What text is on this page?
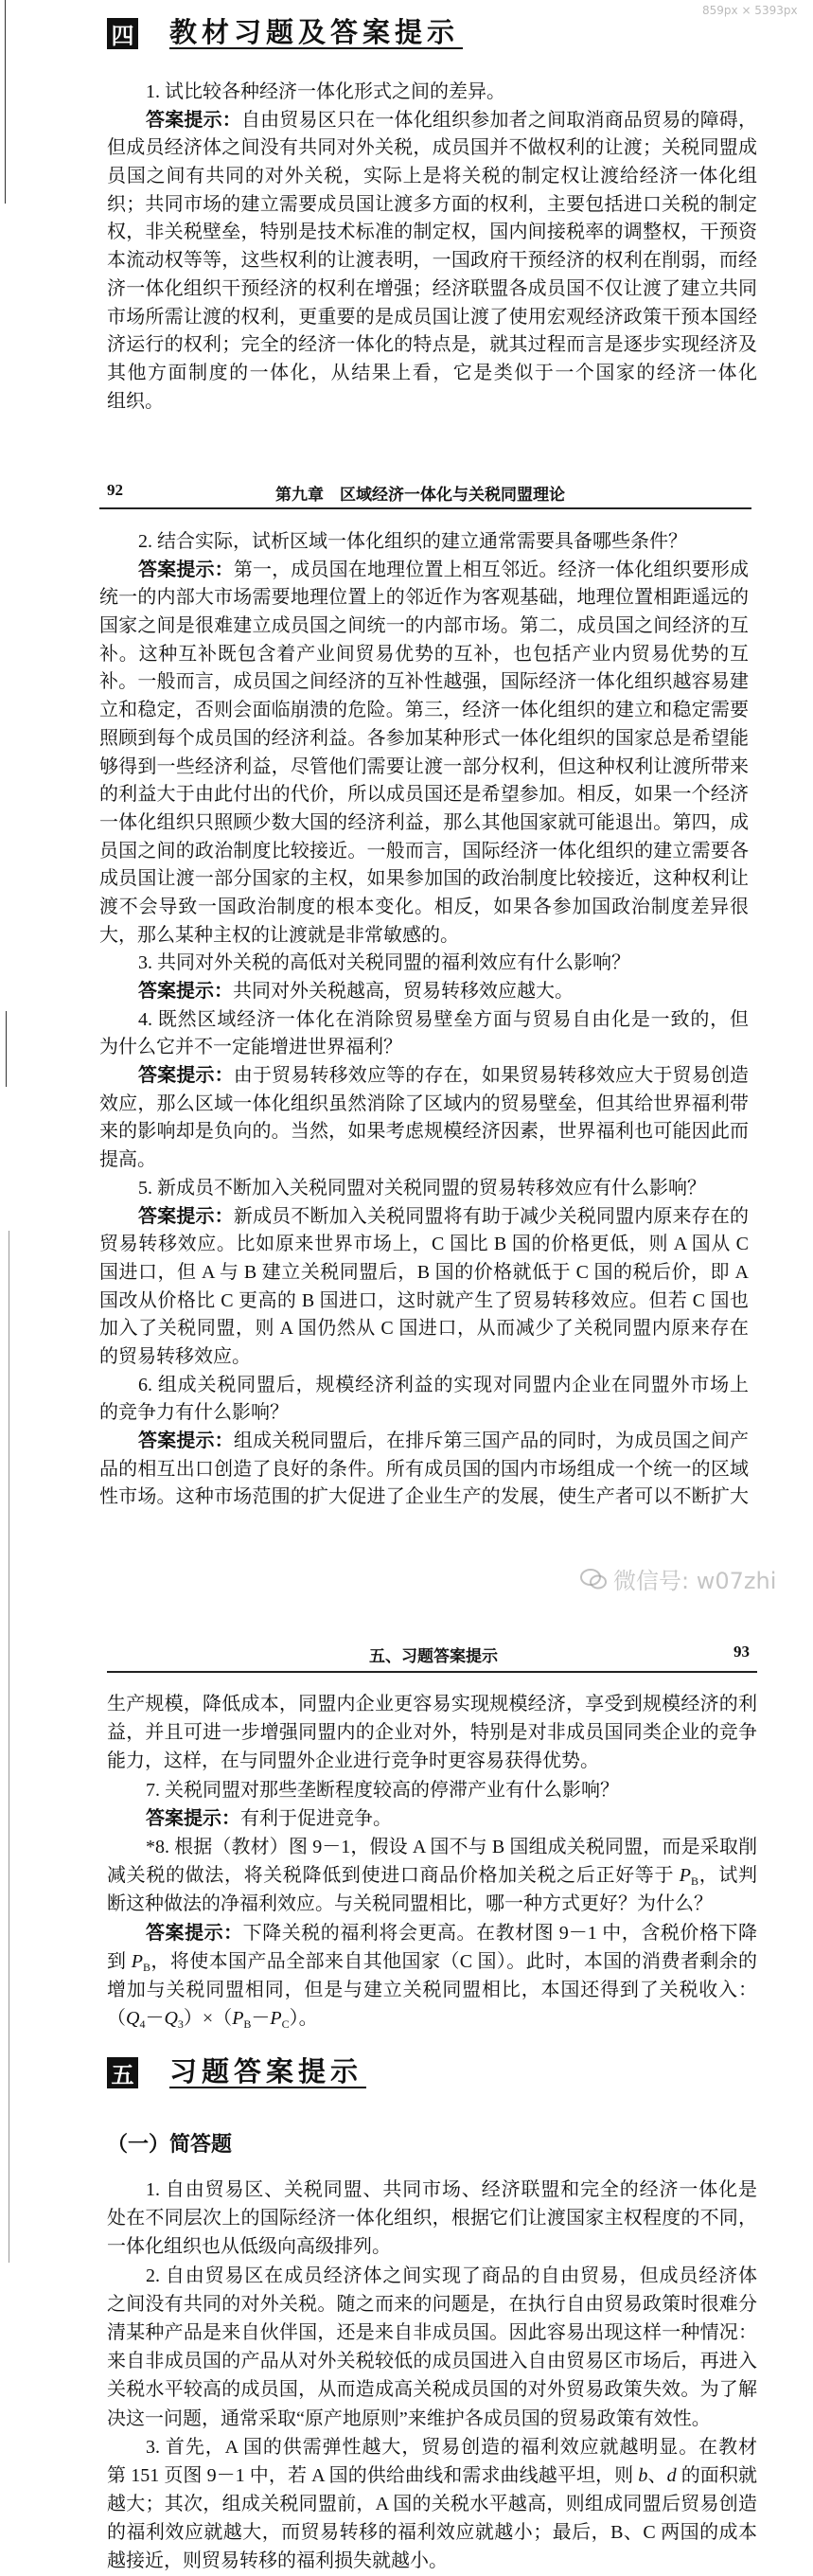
859px × 5393px
四 教材习题及答案提示
1. 试比较各种经济一体化形式之间的差异。
答案提示：自由贸易区只在一体化组织参加者之间取消商品贸易的障碍，
但成员经济体之间没有共同对外关税，成员国并不做权利的让渡；关税同盟成
员国之间有共同的对外关税，实际上是将关税的制定权让渡给经济一体化组
织；共同市场的建立需要成员国让渡多方面的权利，主要包括进口关税的制定
权，非关税壁垒，特别是技术标准的制定权，国内间接税率的调整权，干预资
本流动权等等，这些权利的让渡表明，一国政府干预经济的权利在削弱，而经
济一体化组织干预经济的权利在增强；经济联盟各成员国不仅让渡了建立共同
市场所需让渡的权利，更重要的是成员国让渡了使用宏观经济政策干预本国经
济运行的权利；完全的经济一体化的特点是，就其过程而言是逐步实现经济及
其他方面制度的一体化，从结果上看，它是类似于一个国家的经济一体化
组织。
92	第九章　区域经济一体化与关税同盟理论
2. 结合实际，试析区域一体化组织的建立通常需要具备哪些条件？
答案提示：第一，成员国在地理位置上相互邻近。经济一体化组织要形成
统一的内部大市场需要地理位置上的邻近作为客观基础，地理位置相距遥远的
国家之间是很难建立成员国之间统一的内部市场。第二，成员国之间经济的互
补。这种互补既包含着产业间贸易优势的互补，也包括产业内贸易优势的互
补。一般而言，成员国之间经济的互补性越强，国际经济一体化组织越容易建
立和稳定，否则会面临崩溃的危险。第三，经济一体化组织的建立和稳定需要
照顾到每个成员国的经济利益。各参加某种形式一体化组织的国家总是希望能
够得到一些经济利益，尽管他们需要让渡一部分权利，但这种权利让渡所带来
的利益大于由此付出的代价，所以成员国还是希望参加。相反，如果一个经济
一体化组织只照顾少数大国的经济利益，那么其他国家就可能退出。第四，成
员国之间的政治制度比较接近。一般而言，国际经济一体化组织的建立需要各
成员国让渡一部分国家的主权，如果参加国的政治制度比较接近，这种权利让
渡不会导致一国政治制度的根本变化。相反，如果各参加国政治制度差异很
大，那么某种主权的让渡就是非常敏感的。
3. 共同对外关税的高低对关税同盟的福利效应有什么影响？
答案提示：共同对外关税越高，贸易转移效应越大。
4. 既然区域经济一体化在消除贸易壁垒方面与贸易自由化是一致的，但
为什么它并不一定能增进世界福利？
答案提示：由于贸易转移效应等的存在，如果贸易转移效应大于贸易创造
效应，那么区域一体化组织虽然消除了区域内的贸易壁垒，但其给世界福利带
来的影响却是负向的。当然，如果考虑规模经济因素，世界福利也可能因此而
提高。
5. 新成员不断加入关税同盟对关税同盟的贸易转移效应有什么影响？
答案提示：新成员不断加入关税同盟将有助于减少关税同盟内原来存在的
贸易转移效应。比如原来世界市场上，C 国比 B 国的价格更低，则 A 国从 C
国进口，但 A 与 B 建立关税同盟后，B 国的价格就低于 C 国的税后价，即 A
国改从价格比 C 更高的 B 国进口，这时就产生了贸易转移效应。但若 C 国也
加入了关税同盟，则 A 国仍然从 C 国进口，从而减少了关税同盟内原来存在
的贸易转移效应。
6. 组成关税同盟后，规模经济利益的实现对同盟内企业在同盟外市场上
的竞争力有什么影响？
答案提示：组成关税同盟后，在排斥第三国产品的同时，为成员国之间产
品的相互出口创造了良好的条件。所有成员国的国内市场组成一个统一的区域
性市场。这种市场范围的扩大促进了企业生产的发展，使生产者可以不断扩大
微信号: w07zhi
五、习题答案提示	93
生产规模，降低成本，同盟内企业更容易实现规模经济，享受到规模经济的利
益，并且可进一步增强同盟内的企业对外，特别是对非成员国同类企业的竞争
能力，这样，在与同盟外企业进行竞争时更容易获得优势。
7. 关税同盟对那些垄断程度较高的停滞产业有什么影响？
答案提示：有利于促进竞争。
*8. 根据（教材）图 9－1，假设 A 国不与 B 国组成关税同盟，而是采取削
减关税的做法，将关税降低到使进口商品价格加关税之后正好等于 $P_B$，试判
断这种做法的净福利效应。与关税同盟相比，哪一种方式更好？为什么？
答案提示：下降关税的福利将会更高。在教材图 9－1 中，含税价格下降
到 $P_B$，将使本国产品全部来自其他国家（C 国）。此时，本国的消费者剩余的
增加与关税同盟相同，但是与建立关税同盟相比，本国还得到了关税收入：
$(Q_4-Q_3)\times(P_B-P_C)$。
五 习题答案提示
（一）简答题
1. 自由贸易区、关税同盟、共同市场、经济联盟和完全的经济一体化是
处在不同层次上的国际经济一体化组织，根据它们让渡国家主权程度的不同，
一体化组织也从低级向高级排列。
2. 自由贸易区在成员经济体之间实现了商品的自由贸易，但成员经济体
之间没有共同的对外关税。随之而来的问题是，在执行自由贸易政策时很难分
清某种产品是来自伙伴国，还是来自非成员国。因此容易出现这样一种情况：
来自非成员国的产品从对外关税较低的成员国进入自由贸易区市场后，再进入
关税水平较高的成员国，从而造成高关税成员国的对外贸易政策失效。为了解
决这一问题，通常采取“原产地原则”来维护各成员国的贸易政策有效性。
3. 首先，A 国的供需弹性越大，贸易创造的福利效应就越明显。在教材
第 151 页图 9－1 中，若 A 国的供给曲线和需求曲线越平坦，则 b、d 的面积就
越大；其次，组成关税同盟前，A 国的关税水平越高，则组成同盟后贸易创造
的福利效应就越大，而贸易转移的福利效应就越小；最后，B、C 两国的成本
越接近，则贸易转移的福利损失就越小。
